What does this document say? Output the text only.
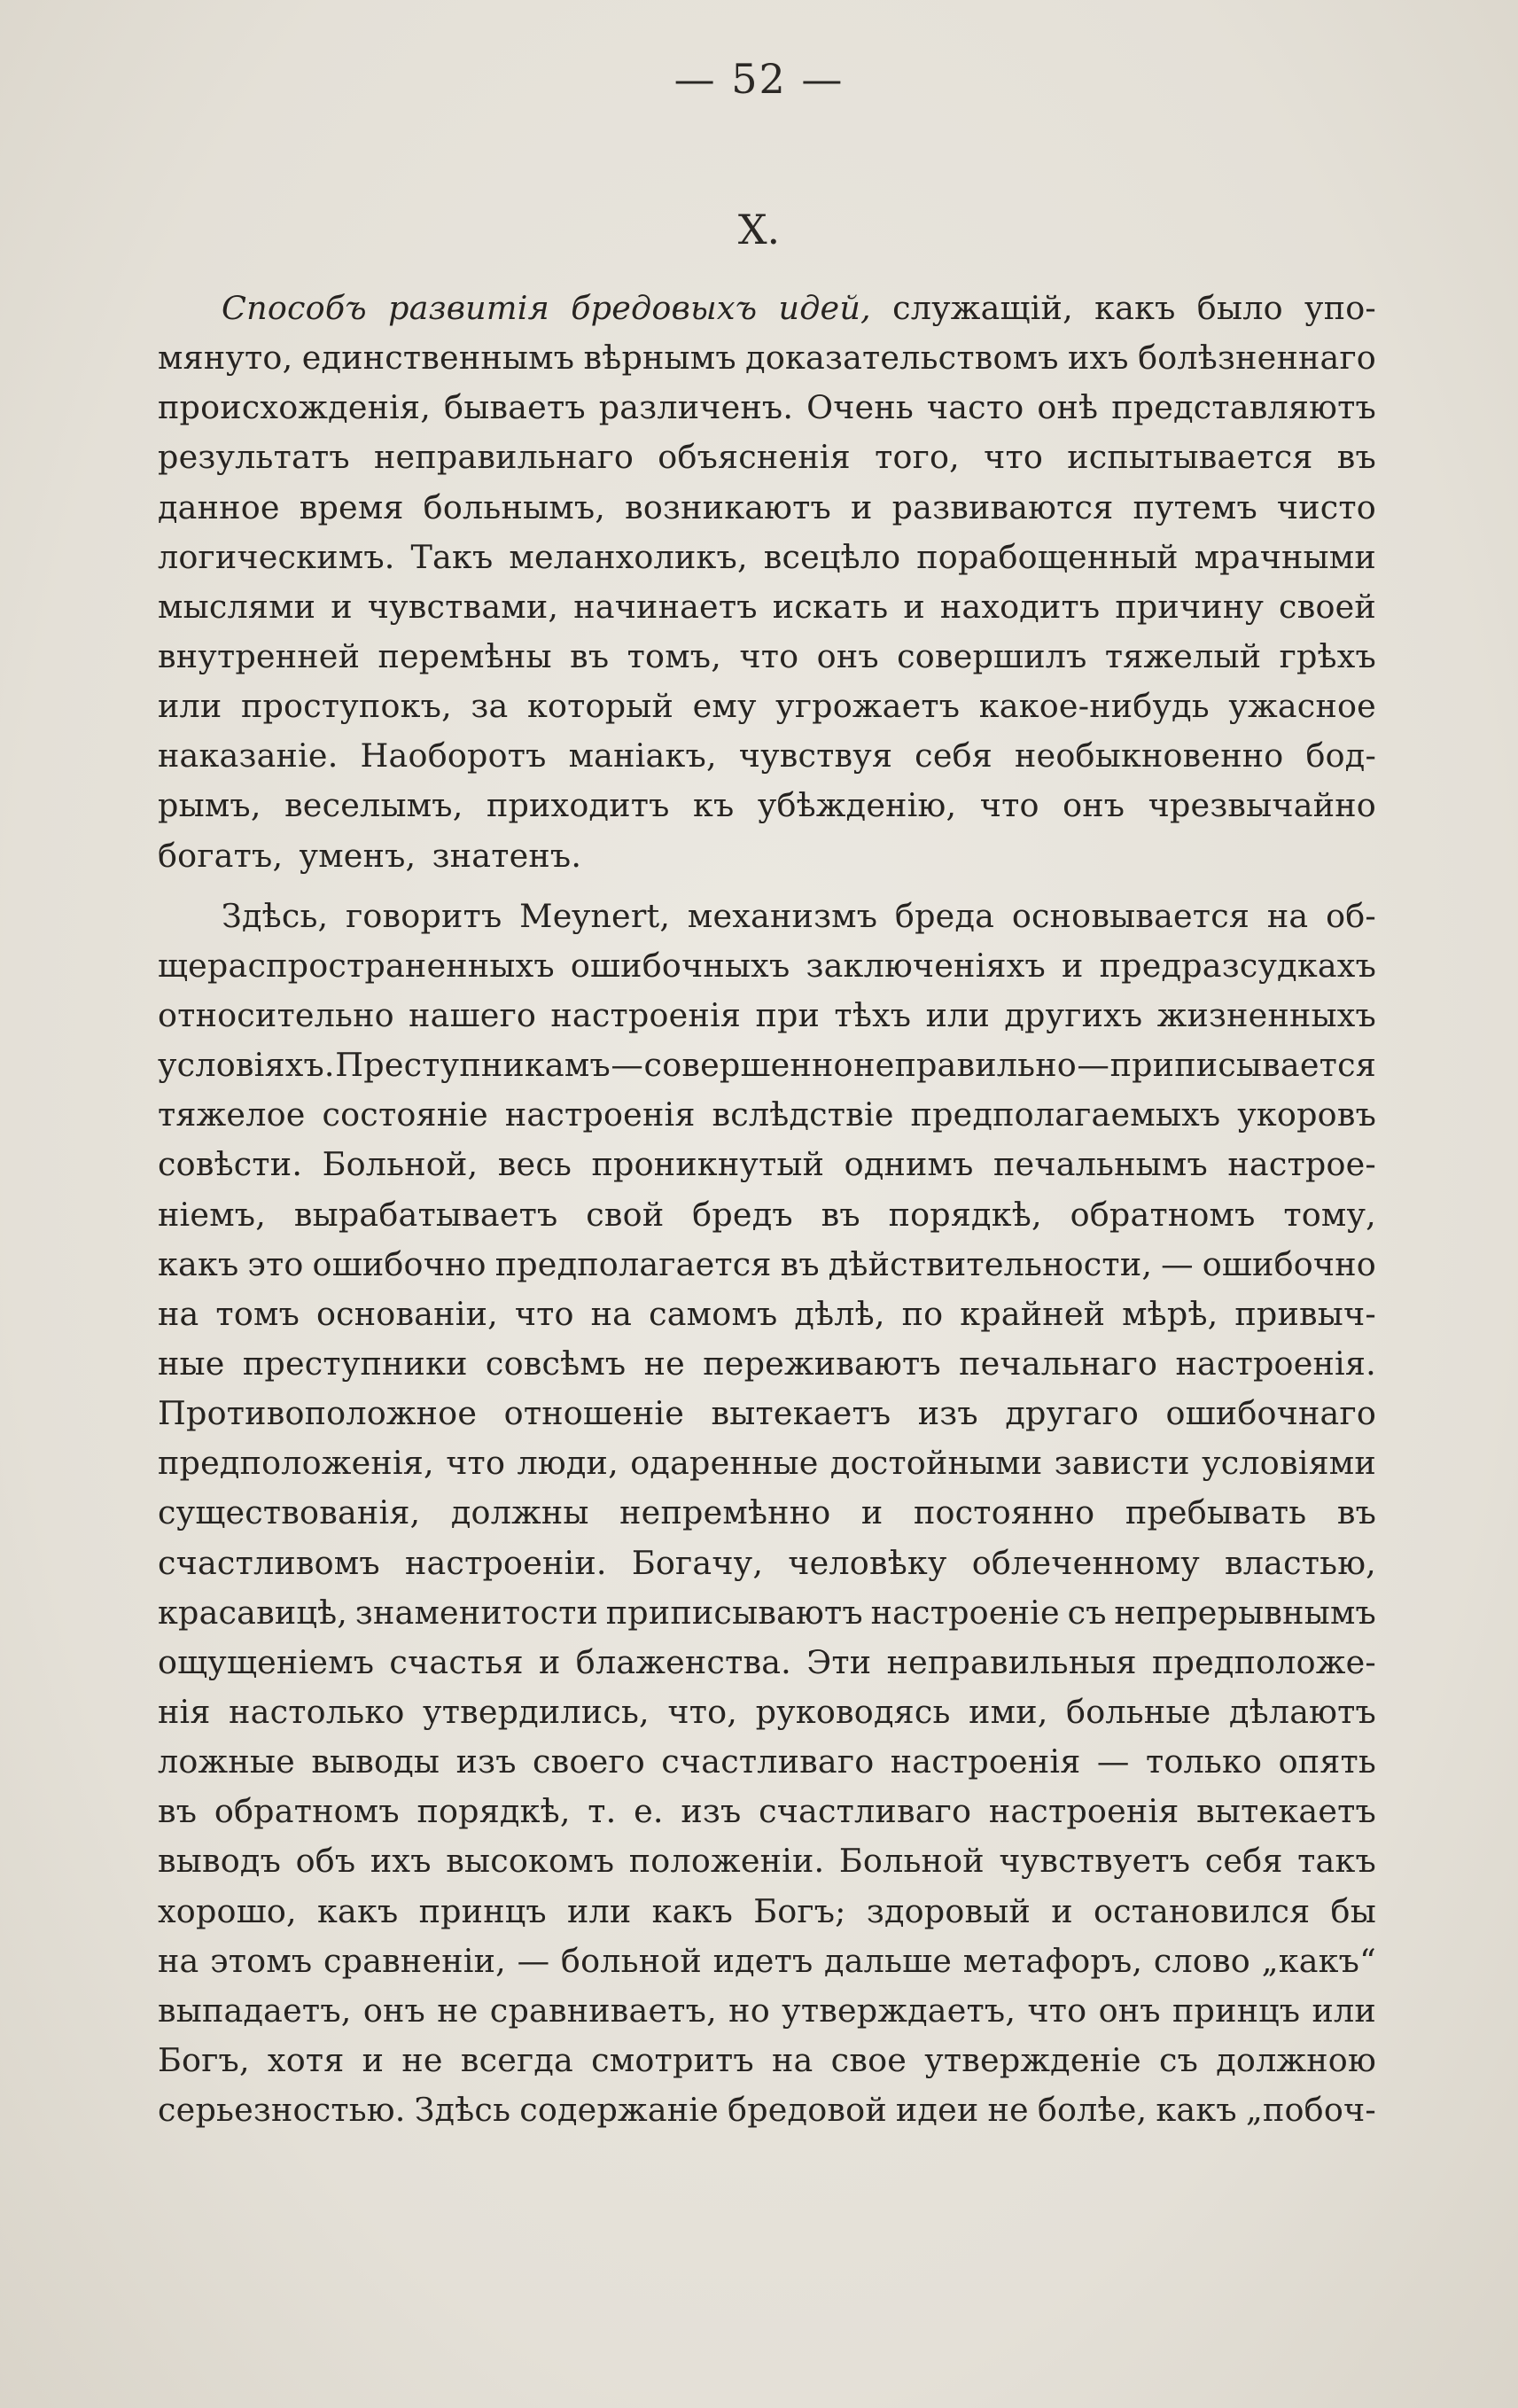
— 52 —
X.
Способъ развитія бредовыхъ идей, служащій, какъ было упо-
мянуто, единственнымъ вѣрнымъ доказательствомъ ихъ болѣзненнаго
происхожденія, бываетъ различенъ. Очень часто онѣ представляютъ
результатъ неправильнаго объясненія того, что испытывается въ
данное время больнымъ, возникаютъ и развиваются путемъ чисто
логическимъ. Такъ меланхоликъ, всецѣло порабощенный мрачными
мыслями и чувствами, начинаетъ искать и находитъ причину своей
внутренней перемѣны въ томъ, что онъ совершилъ тяжелый грѣхъ
или проступокъ, за который ему угрожаетъ какое-нибудь ужасное
наказаніе. Наоборотъ маніакъ, чувствуя себя необыкновенно бод-
рымъ, веселымъ, приходитъ къ убѣжденію, что онъ чрезвычайно
богатъ, уменъ, знатенъ.
Здѣсь, говоритъ Meynert, механизмъ бреда основывается на об-
щераспространенныхъ ошибочныхъ заключеніяхъ и предразсудкахъ
относительно нашего настроенія при тѣхъ или другихъ жизненныхъ
условіяхъ. Преступникамъ — совершенно неправильно — приписывается
тяжелое состояніе настроенія вслѣдствіе предполагаемыхъ укоровъ
совѣсти. Больной, весь проникнутый однимъ печальнымъ настрое-
ніемъ, вырабатываетъ свой бредъ въ порядкѣ, обратномъ тому,
какъ это ошибочно предполагается въ дѣйствительности, — ошибочно
на томъ основаніи, что на самомъ дѣлѣ, по крайней мѣрѣ, привыч-
ные преступники совсѣмъ не переживаютъ печальнаго настроенія.
Противоположное отношеніе вытекаетъ изъ другаго ошибочнаго
предположенія, что люди, одаренные достойными зависти условіями
существованія, должны непремѣнно и постоянно пребывать въ
счастливомъ настроеніи. Богачу, человѣку облеченному властью,
красавицѣ, знаменитости приписываютъ настроеніе съ непрерывнымъ
ощущеніемъ счастья и блаженства. Эти неправильныя предположе-
нія настолько утвердились, что, руководясь ими, больные дѣлаютъ
ложные выводы изъ своего счастливаго настроенія — только опять
въ обратномъ порядкѣ, т. е. изъ счастливаго настроенія вытекаетъ
выводъ объ ихъ высокомъ положеніи. Больной чувствуетъ себя такъ
хорошо, какъ принцъ или какъ Богъ; здоровый и остановился бы
на этомъ сравненіи, — больной идетъ дальше метафоръ, слово „какъ“
выпадаетъ, онъ не сравниваетъ, но утверждаетъ, что онъ принцъ или
Богъ, хотя и не всегда смотритъ на свое утвержденіе съ должною
серьезностью. Здѣсь содержаніе бредовой идеи не болѣе, какъ „побоч-
